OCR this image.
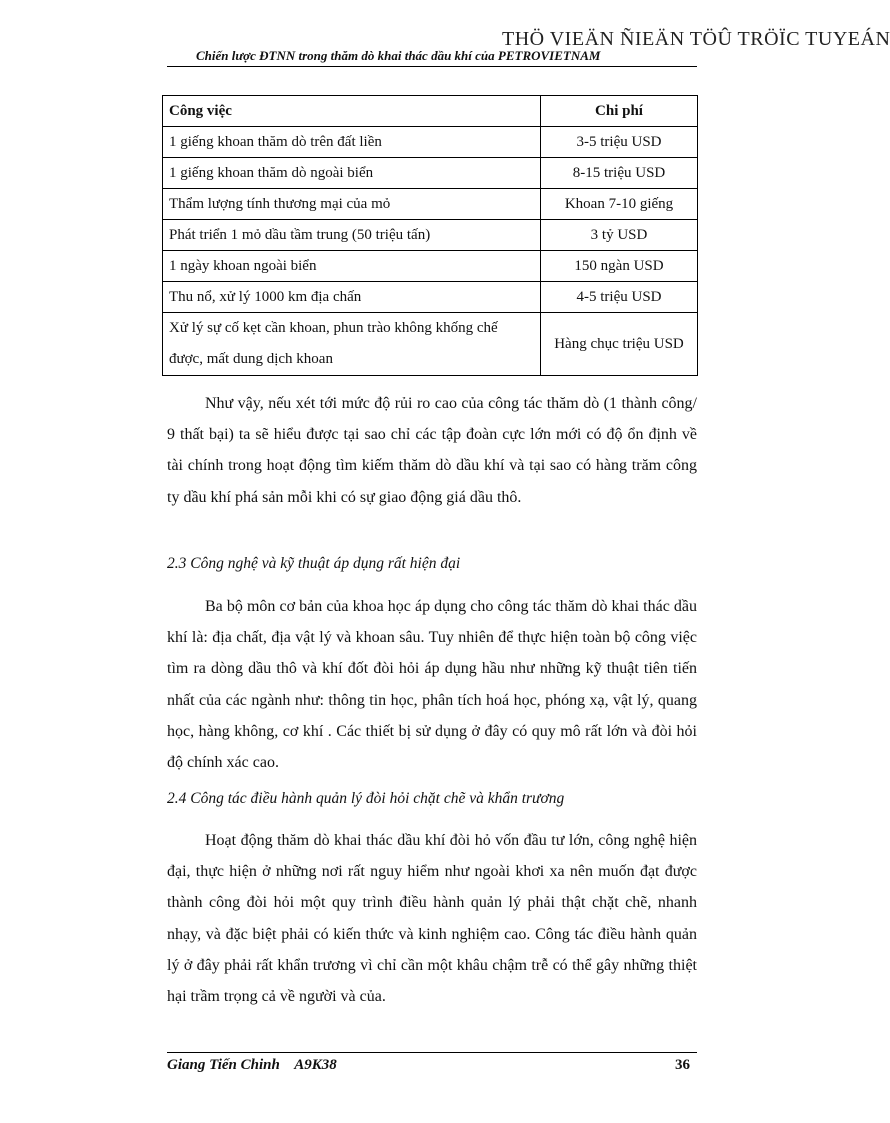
THÖ VIEÄN ÑIEÄN TÖÛ TRÖÏC TUYEÁN
Chiến lược ĐTNN trong thăm dò khai thác dầu khí của PETROVIETNAM
Công việc	Chi phí
1 giếng khoan thăm dò trên đất liền	3-5 triệu USD
1 giếng khoan thăm dò ngoài biển	8-15 triệu USD
Thẩm lượng tính thương mại của mỏ	Khoan 7-10 giếng
Phát triển 1 mỏ dầu tầm trung (50 triệu tấn)	3 tỷ USD
1 ngày khoan ngoài biển	150 ngàn USD
Thu nổ, xử lý 1000 km địa chấn	4-5 triệu USD
Xử lý sự cố kẹt cần khoan, phun trào không khống chế được, mất dung dịch khoan	Hàng chục triệu USD

Như vậy, nếu xét tới mức độ rủi ro cao của công tác thăm dò (1 thành công/ 9 thất bại) ta sẽ hiểu được tại sao chỉ các tập đoàn cực lớn mới có độ ổn định về tài chính trong hoạt động tìm kiếm thăm dò dầu khí và tại sao có hàng trăm công ty dầu khí phá sản mỗi khi có sự giao động giá dầu thô.

2.3 Công nghệ và kỹ thuật áp dụng rất hiện đại

Ba bộ môn cơ bản của khoa học áp dụng cho công tác thăm dò khai thác dầu khí là: địa chất, địa vật lý và khoan sâu. Tuy nhiên để thực hiện toàn bộ công việc tìm ra dòng dầu thô và khí đốt đòi hỏi áp dụng hầu như những kỹ thuật tiên tiến nhất của các ngành như: thông tin học, phân tích hoá học, phóng xạ, vật lý, quang học, hàng không, cơ khí . Các thiết bị sử dụng ở đây có quy mô rất lớn và đòi hỏi độ chính xác cao.

2.4 Công tác điều hành quản lý đòi hỏi chặt chẽ và khẩn trương

Hoạt động thăm dò khai thác dầu khí đòi hỏ vốn đầu tư lớn, công nghệ hiện đại, thực hiện ở những nơi rất nguy hiểm như ngoài khơi xa nên muốn đạt được thành công đòi hỏi một quy trình điều hành quản lý phải thật chặt chẽ, nhanh nhạy, và đặc biệt phải có kiến thức và kinh nghiệm cao. Công tác điều hành quản lý ở đây phải rất khẩn trương vì chỉ cần một khâu chậm trễ có thể gây những thiệt hại trầm trọng cả về người và của.

Giang Tiến Chinh    A9K38	36
